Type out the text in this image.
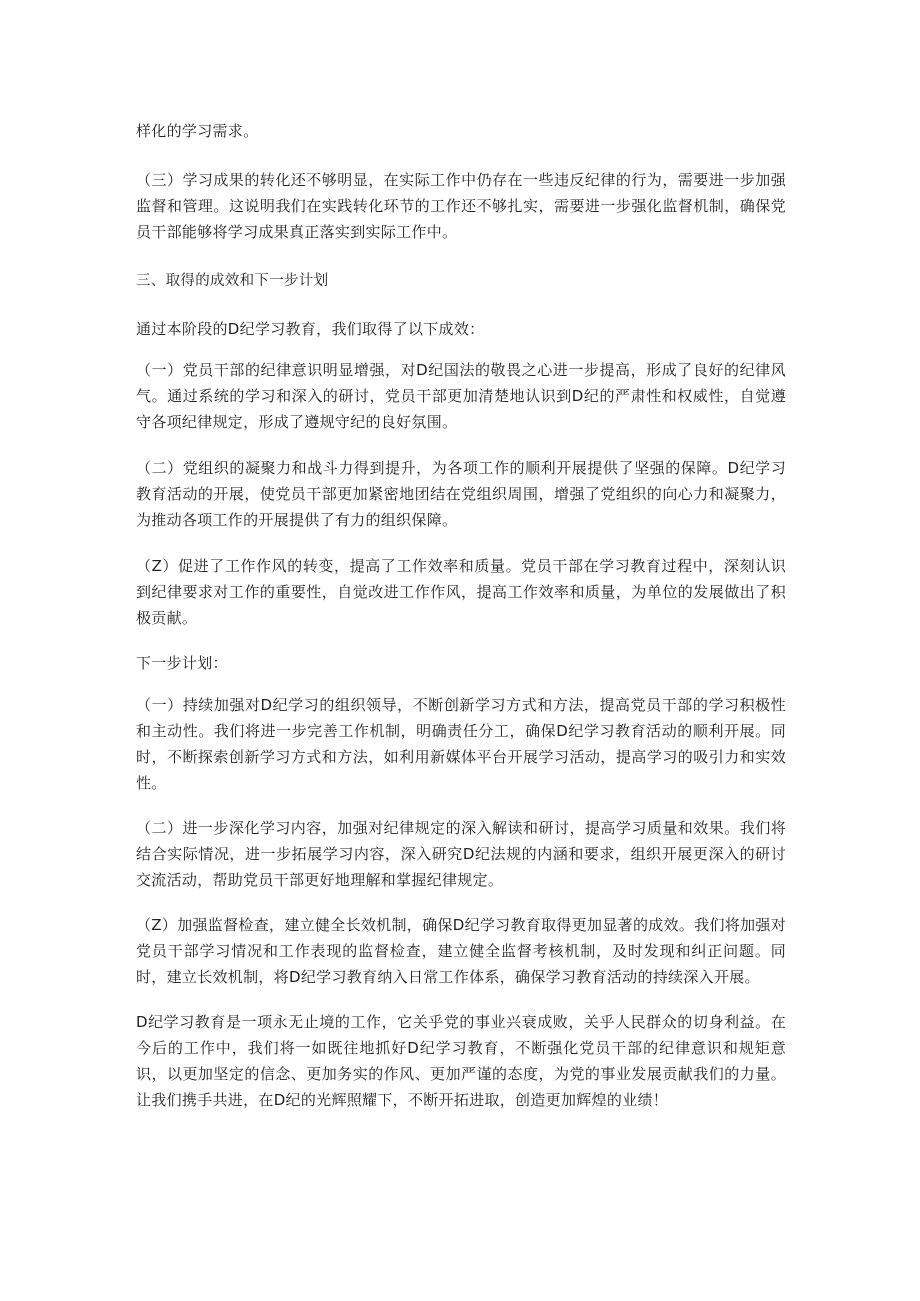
样化的学习需求。

（三）学习成果的转化还不够明显，在实际工作中仍存在一些违反纪律的行为，需要进一步加强监督和管理。这说明我们在实践转化环节的工作还不够扎实，需要进一步强化监督机制，确保党员干部能够将学习成果真正落实到实际工作中。

三、取得的成效和下一步计划

通过本阶段的D纪学习教育，我们取得了以下成效：

（一）党员干部的纪律意识明显增强，对D纪国法的敬畏之心进一步提高，形成了良好的纪律风气。通过系统的学习和深入的研讨，党员干部更加清楚地认识到D纪的严肃性和权威性，自觉遵守各项纪律规定，形成了遵规守纪的良好氛围。

（二）党组织的凝聚力和战斗力得到提升，为各项工作的顺利开展提供了坚强的保障。D纪学习教育活动的开展，使党员干部更加紧密地团结在党组织周围，增强了党组织的向心力和凝聚力，为推动各项工作的开展提供了有力的组织保障。

（Z）促进了工作作风的转变，提高了工作效率和质量。党员干部在学习教育过程中，深刻认识到纪律要求对工作的重要性，自觉改进工作作风，提高工作效率和质量，为单位的发展做出了积极贡献。

下一步计划：

（一）持续加强对D纪学习的组织领导，不断创新学习方式和方法，提高党员干部的学习积极性和主动性。我们将进一步完善工作机制，明确责任分工，确保D纪学习教育活动的顺利开展。同时，不断探索创新学习方式和方法，如利用新媒体平台开展学习活动，提高学习的吸引力和实效性。

（二）进一步深化学习内容，加强对纪律规定的深入解读和研讨，提高学习质量和效果。我们将结合实际情况，进一步拓展学习内容，深入研究D纪法规的内涵和要求，组织开展更深入的研讨交流活动，帮助党员干部更好地理解和掌握纪律规定。

（Z）加强监督检查，建立健全长效机制，确保D纪学习教育取得更加显著的成效。我们将加强对党员干部学习情况和工作表现的监督检查，建立健全监督考核机制，及时发现和纠正问题。同时，建立长效机制，将D纪学习教育纳入日常工作体系，确保学习教育活动的持续深入开展。

D纪学习教育是一项永无止境的工作，它关乎党的事业兴衰成败，关乎人民群众的切身利益。在今后的工作中，我们将一如既往地抓好D纪学习教育，不断强化党员干部的纪律意识和规矩意识，以更加坚定的信念、更加务实的作风、更加严谨的态度，为党的事业发展贡献我们的力量。让我们携手共进，在D纪的光辉照耀下，不断开拓进取，创造更加辉煌的业绩！
